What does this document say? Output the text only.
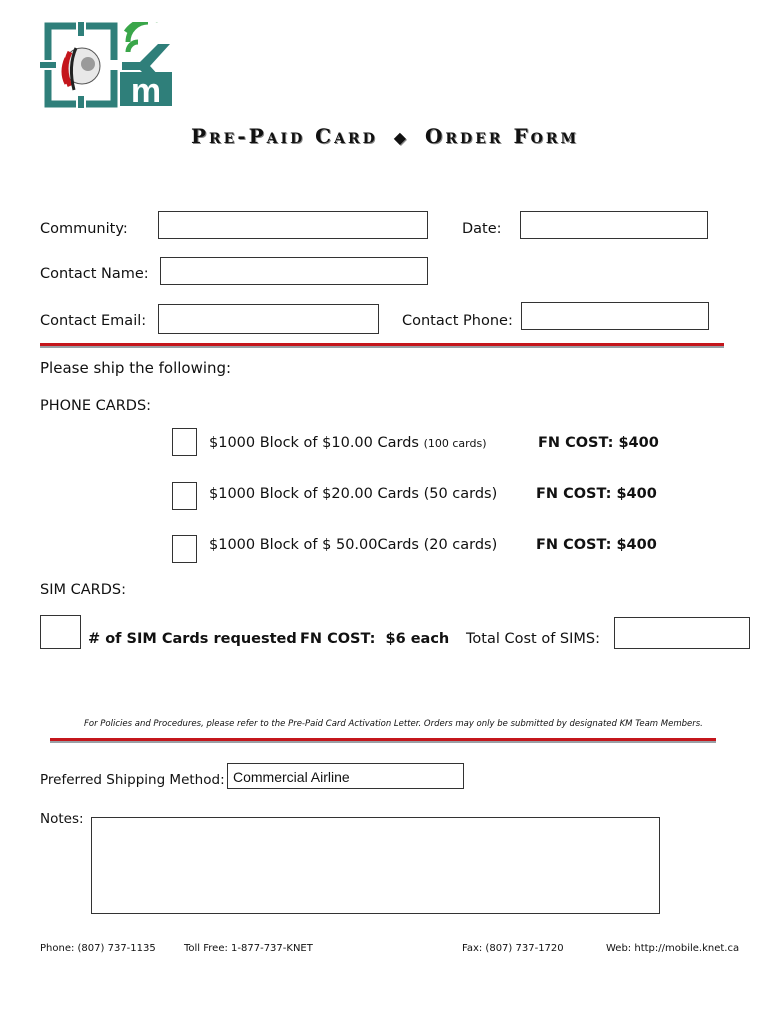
m
Pre-Paid Card ◆ Order Form
Community:	Date:
Contact Name:
Contact Email:	Contact Phone:
Please ship the following:
PHONE CARDS:
$1000 Block of $10.00 Cards (100 cards)	FN COST: $400
$1000 Block of $20.00 Cards (50 cards)	FN COST: $400
$1000 Block of $ 50.00Cards (20 cards)	FN COST: $400
SIM CARDS:
# of SIM Cards requested FN COST:  $6 each Total Cost of SIMS:
For Policies and Procedures, please refer to the Pre-Paid Card Activation Letter. Orders may only be submitted by designated KM Team Members.
Preferred Shipping Method: Commercial Airline
Notes:
Phone: (807) 737-1135	Toll Free: 1-877-737-KNET	Fax: (807) 737-1720	Web: http://mobile.knet.ca
